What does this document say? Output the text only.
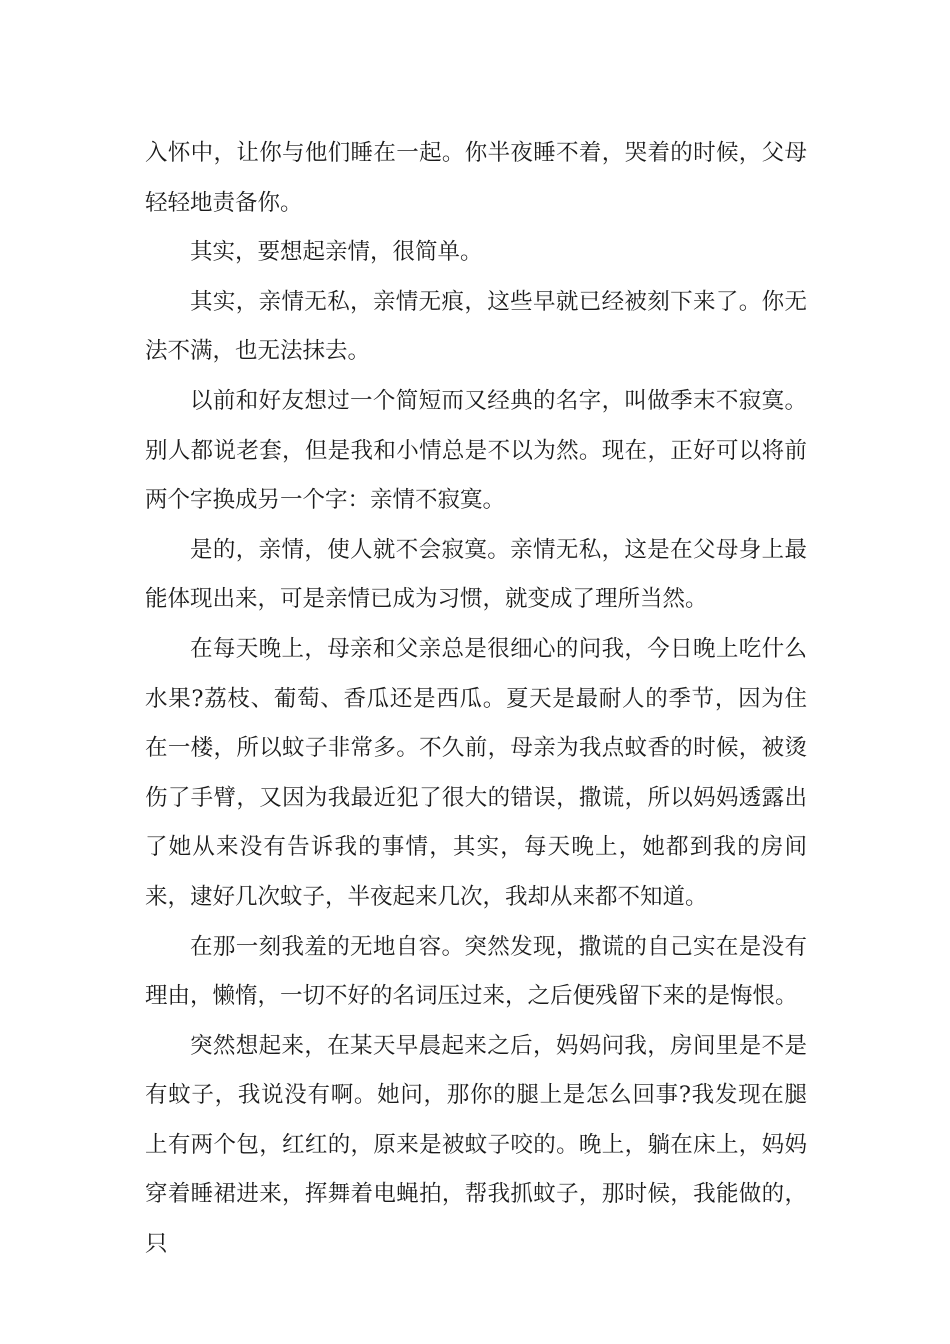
入怀中，让你与他们睡在一起。你半夜睡不着，哭着的时候，父母轻轻地责备你。

其实，要想起亲情，很简单。

其实，亲情无私，亲情无痕，这些早就已经被刻下来了。你无法不满，也无法抹去。

以前和好友想过一个简短而又经典的名字，叫做季末不寂寞。别人都说老套，但是我和小情总是不以为然。现在，正好可以将前两个字换成另一个字：亲情不寂寞。

是的，亲情，使人就不会寂寞。亲情无私，这是在父母身上最能体现出来，可是亲情已成为习惯，就变成了理所当然。

在每天晚上，母亲和父亲总是很细心的问我，今日晚上吃什么水果?荔枝、葡萄、香瓜还是西瓜。夏天是最耐人的季节，因为住在一楼，所以蚊子非常多。不久前，母亲为我点蚊香的时候，被烫伤了手臂，又因为我最近犯了很大的错误，撒谎，所以妈妈透露出了她从来没有告诉我的事情，其实，每天晚上，她都到我的房间来，逮好几次蚊子，半夜起来几次，我却从来都不知道。

在那一刻我羞的无地自容。突然发现，撒谎的自己实在是没有理由，懒惰，一切不好的名词压过来，之后便残留下来的是悔恨。

突然想起来，在某天早晨起来之后，妈妈问我，房间里是不是有蚊子，我说没有啊。她问，那你的腿上是怎么回事?我发现在腿上有两个包，红红的，原来是被蚊子咬的。晚上，躺在床上，妈妈穿着睡裙进来，挥舞着电蝇拍，帮我抓蚊子，那时候，我能做的，只
